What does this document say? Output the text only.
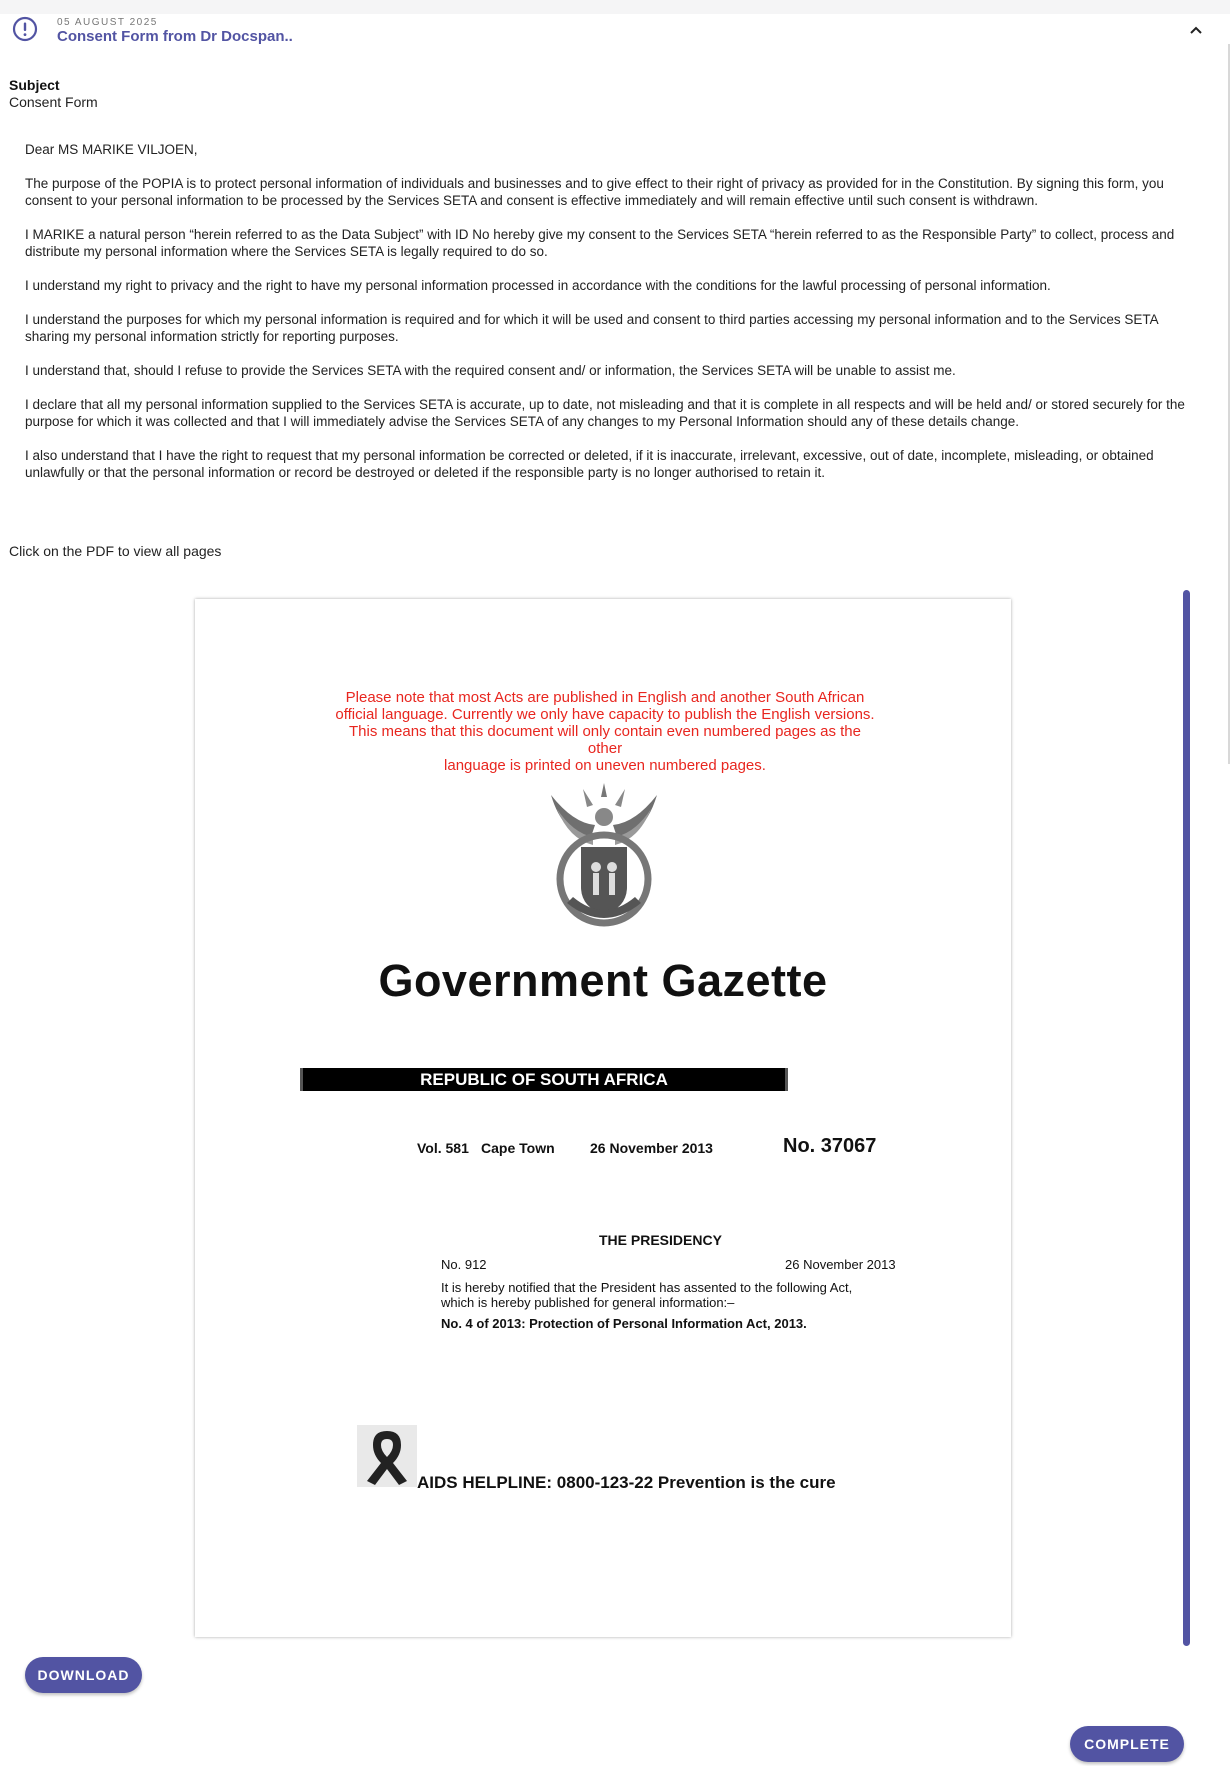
05 AUGUST 2025
Consent Form from Dr Docspan..
Subject
Consent Form

Dear MS MARIKE VILJOEN,

The purpose of the POPIA is to protect personal information of individuals and businesses and to give effect to their right of privacy as provided for in the Constitution. By signing this form, you consent to your personal information to be processed by the Services SETA and consent is effective immediately and will remain effective until such consent is withdrawn.

I MARIKE a natural person “herein referred to as the Data Subject” with ID No hereby give my consent to the Services SETA “herein referred to as the Responsible Party” to collect, process and distribute my personal information where the Services SETA is legally required to do so.

I understand my right to privacy and the right to have my personal information processed in accordance with the conditions for the lawful processing of personal information.

I understand the purposes for which my personal information is required and for which it will be used and consent to third parties accessing my personal information and to the Services SETA sharing my personal information strictly for reporting purposes.

I understand that, should I refuse to provide the Services SETA with the required consent and/ or information, the Services SETA will be unable to assist me.

I declare that all my personal information supplied to the Services SETA is accurate, up to date, not misleading and that it is complete in all respects and will be held and/ or stored securely for the purpose for which it was collected and that I will immediately advise the Services SETA of any changes to my Personal Information should any of these details change.

I also understand that I have the right to request that my personal information be corrected or deleted, if it is inaccurate, irrelevant, excessive, out of date, incomplete, misleading, or obtained unlawfully or that the personal information or record be destroyed or deleted if the responsible party is no longer authorised to retain it.

Click on the PDF to view all pages
Please note that most Acts are published in English and another South African
official language. Currently we only have capacity to publish the English versions.
This means that this document will only contain even numbered pages as the other
language is printed on uneven numbered pages.
Government Gazette
REPUBLIC OF SOUTH AFRICA
Vol. 581 Cape Town	26 November 2013	No. 37067
THE PRESIDENCY
No. 912	26 November 2013
It is hereby notified that the President has assented to the following Act,
which is hereby published for general information:–
No. 4 of 2013: Protection of Personal Information Act, 2013.
AIDS HELPLINE: 0800-123-22 Prevention is the cure
DOWNLOAD
COMPLETE
